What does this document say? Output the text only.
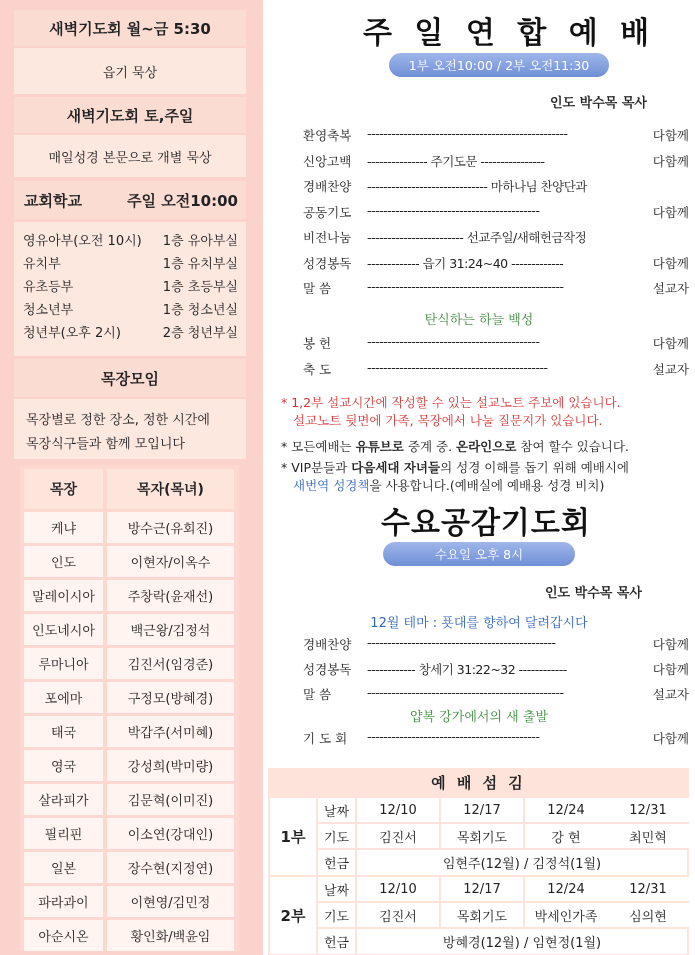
새벽기도회 월~금 5:30
읍기 묵상
새벽기도회 토,주일
매일성경 본문으로 개별 묵상
교회학교	주일 오전10:00
영유아부(오전 10시) 1층 유아부실
유치부	1층 유치부실
유초등부	1층 초등부실
청소년부	1층 청소년실
청년부(오후 2시)	2층 청년부실
목장모임
목장별로 정한 장소, 정한 시간에
목장식구들과 함께 모입니다
목장	목자(목녀)
케냐	방수근(유회진)
인도	이현자/이옥수
말레이시아	주창락(윤재선)
인도네시아	백근왕/김정석
루마니아	김진서(임경준)
포에마	구정모(방혜경)
태국	박갑주(서미혜)
영국	강성희(박미량)
살라피가	김문혁(이미진)
필리핀	이소연(강대인)
일본	장수현(지정연)
파라과이	이현영/김민정
아순시온	황인화/백윤임
주 일 연 합 예 배
1부 오전10:00 / 2부 오전11:30
인도 박수목 목사
환영축복 --------------------------------------------------	다함께
신앙고백 --------------- 주기도문 ----------------	다함께
경배찬양 ------------------------------ 마하나님 찬양단과
공동기도 -------------------------------------------	다함께
비전나눔 ------------------------ 선교주일/새해헌금작정
성경봉독 ------------- 읍기 31:24~40 -------------	다함께
말 씀	-------------------------------------------------	설교자
탄식하는 하늘 백성
봉 헌	-------------------------------------------	다함께
축 도	---------------------------------------------	설교자
* 1,2부 설교시간에 작성할 수 있는 설교노트 주보에 있습니다.
설교노트 뒷면에 가족, 목장에서 나눌 질문지가 있습니다.
* 모든예배는 유튜브로 중계 중. 온라인으로 참여 할수 있습니다.
* VIP분들과 다음세대 자녀들의 성경 이해를 돕기 위해 예배시에
새번역 성경책을 사용합니다.(예배실에 예배용 성경 비치)
수요공감기도회
수요일 오후 8시
인도 박수목 목사
12월 테마 : 푯대를 향하여 달려갑시다
경배찬양 -----------------------------------------------	다함께
성경봉독 ------------ 창세기 31:22~32 ------------	다함께
말 씀	-------------------------------------------------	설교자
얍복 강가에서의 새 출발
기 도 회 -------------------------------------------	다함께
예 배 섬 김
1부
날짜	12/10	12/17	12/24	12/31
기도	김진서	목회기도	강 현	최민혁
헌금	임현주(12월) / 김정석(1월)
2부
날짜	12/10	12/17	12/24	12/31
기도	김진서	목회기도	박세인가족	심의현
헌금	방혜경(12월) / 임현정(1월)
